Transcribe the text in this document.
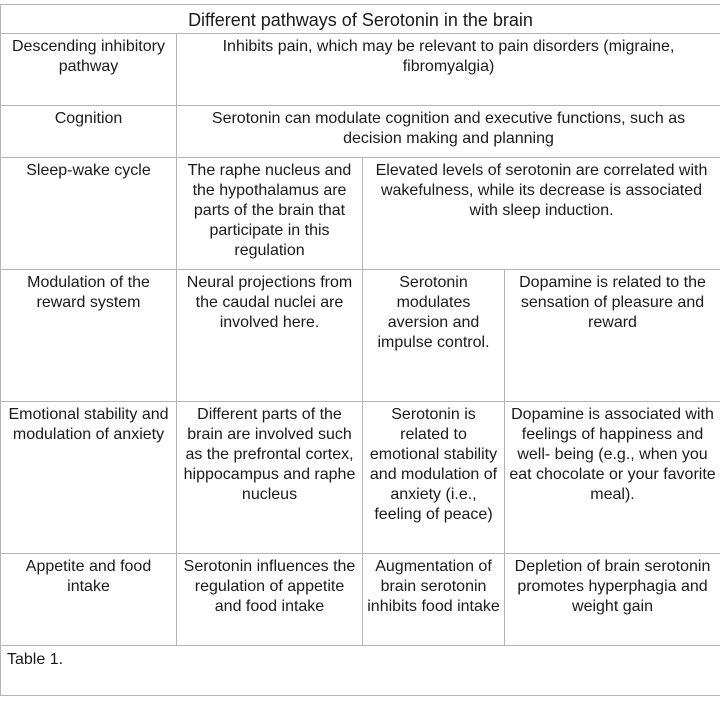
Different pathways of Serotonin in the brain			
Descending inhibitory pathway	Inhibits pain, which may be relevant to pain disorders (migraine, fibromyalgia)		
Cognition	Serotonin can modulate cognition and executive functions, such as decision making and planning		
Sleep-wake cycle	The raphe nucleus and the hypothalamus are parts of the brain that participate in this regulation	Elevated levels of serotonin are correlated with wakefulness, while its decrease is associated with sleep induction.	
Modulation of the reward system	Neural projections from the caudal nuclei are involved here.	Serotonin modulates aversion and impulse control.	Dopamine is related to the sensation of pleasure and reward
Emotional stability and modulation of anxiety	Different parts of the brain are involved such as the prefrontal cortex, hippocampus and raphe nucleus	Serotonin is related to emotional stability and modulation of anxiety (i.e., feeling of peace)	Dopamine is associated with feelings of happiness and well- being (e.g., when you eat chocolate or your favorite meal).
Appetite and food intake	Serotonin influences the regulation of appetite and food intake	Augmentation of brain serotonin inhibits food intake	Depletion of brain serotonin promotes hyperphagia and weight gain
Table 1.			
